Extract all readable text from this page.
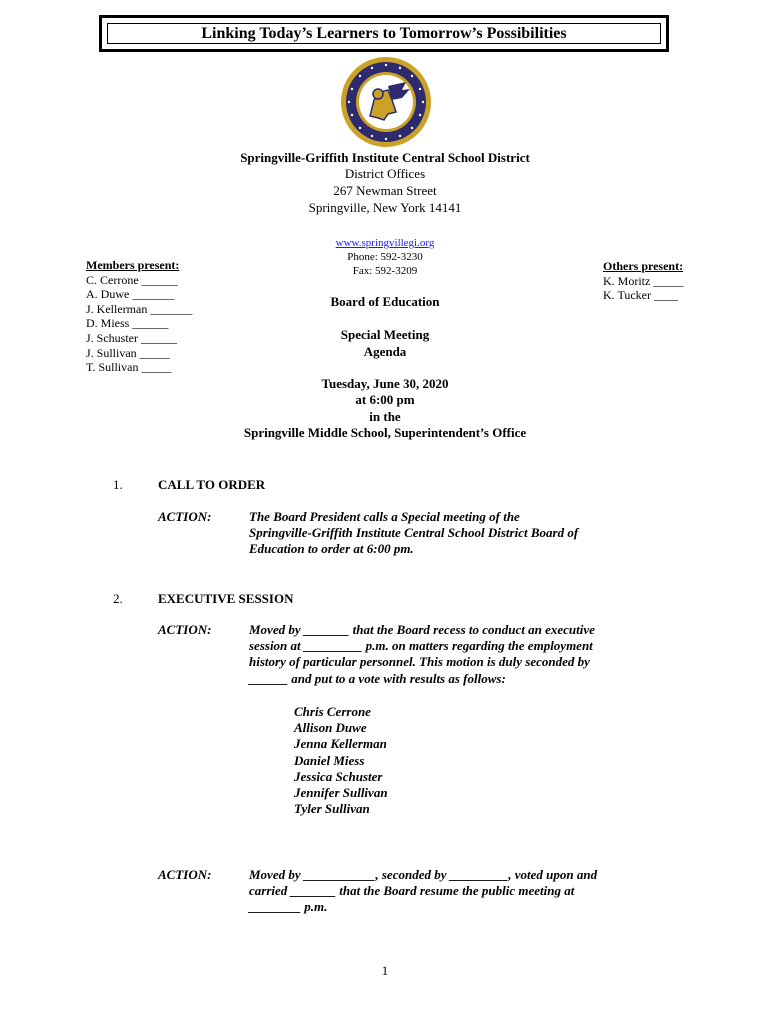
Linking Today’s Learners to Tomorrow’s Possibilities
Springville-Griffith Institute Central School District
District Offices
267 Newman Street
Springville, New York 14141
www.springvillegi.org
Phone: 592-3230
Fax: 592-3209
Members present:
C. Cerrone ______
A. Duwe _______
J. Kellerman _______
D. Miess ______
J. Schuster ______
J. Sullivan _____
T. Sullivan _____
Others present:
K. Moritz _____
K. Tucker ____
Board of Education
Special Meeting
Agenda
Tuesday, June 30, 2020
at 6:00 pm
in the
Springville Middle School, Superintendent’s Office
1.	CALL TO ORDER
ACTION:	The Board President calls a Special meeting of the
Springville-Griffith Institute Central School District Board of
Education to order at 6:00 pm.
2.	EXECUTIVE SESSION
ACTION:	Moved by _______ that the Board recess to conduct an executive
session at _________ p.m. on matters regarding the employment
history of particular personnel. This motion is duly seconded by
______ and put to a vote with results as follows:
Chris Cerrone
Allison Duwe
Jenna Kellerman
Daniel Miess
Jessica Schuster
Jennifer Sullivan
Tyler Sullivan
ACTION:	Moved by ___________, seconded by _________, voted upon and
carried _______ that the Board resume the public meeting at
________ p.m.
1
